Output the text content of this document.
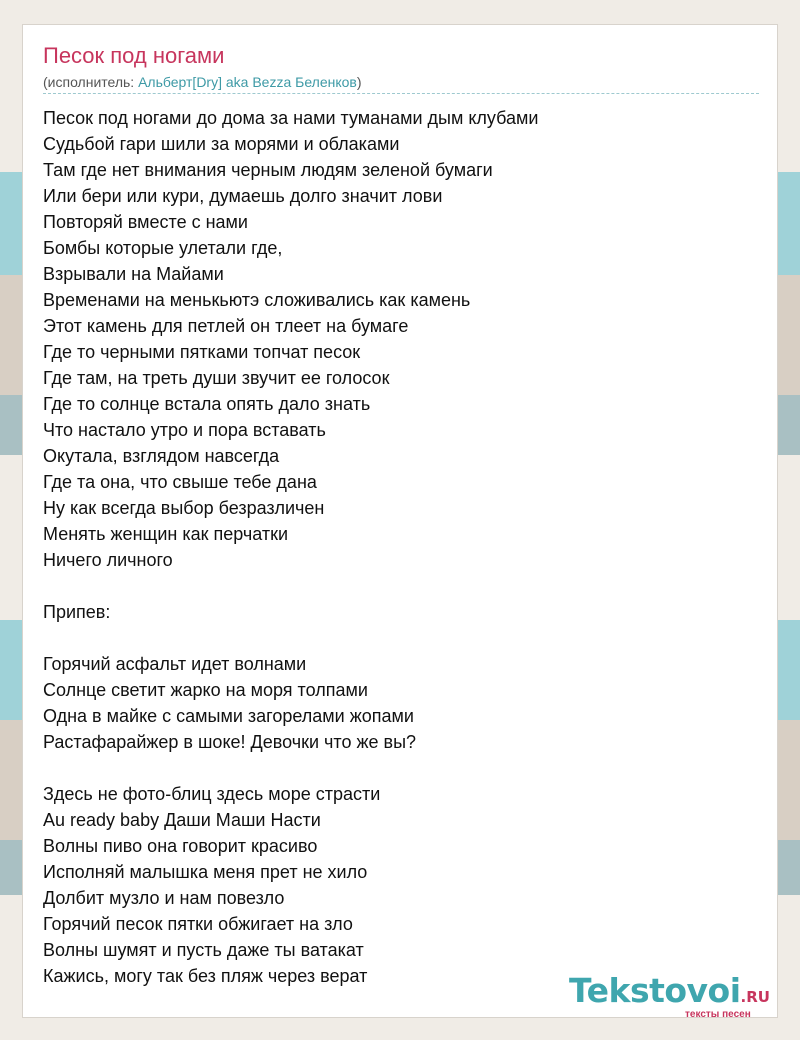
Песок под ногами
(исполнитель: Альберт[Dry] aka Bezza Беленков)
Песок под ногами до дома за нами туманами дым клубами
Судьбой гари шили за морями и облаками
Там где нет внимания черным людям зеленой бумаги
Или бери или кури, думаешь долго значит лови
Повторяй вместе с нами
Бомбы которые улетали где,
Взрывали на Майами
Временами на менькьютэ сложивались как камень
Этот камень для петлей он тлеет на бумаге
Где то черными пятками топчат песок
Где там, на треть души звучит ее голосок
Где то солнце встала опять дало знать
Что настало утро и пора вставать
Окутала, взглядом навсегда
Где та она, что свыше тебе дана
Ну как всегда выбор безразличен
Менять женщин как перчатки
Ничего личного
Припев:
Горячий асфальт идет волнами
Солнце светит жарко на моря толпами
Одна в майке с самыми загорелами жопами
Растафарайжер в шоке! Девочки что же вы?
Здесь не фото-блиц здесь море страсти
Au ready baby Даши Маши Насти
Волны пиво она говорит красиво
Исполняй малышка меня прет не хило
Долбит музло и нам повезло
Горячий песок пятки обжигает на зло
Волны шумят и пусть даже ты ватакат
Кажись, могу так без пляж через верат	Tekstovoi.RU
тексты песен
